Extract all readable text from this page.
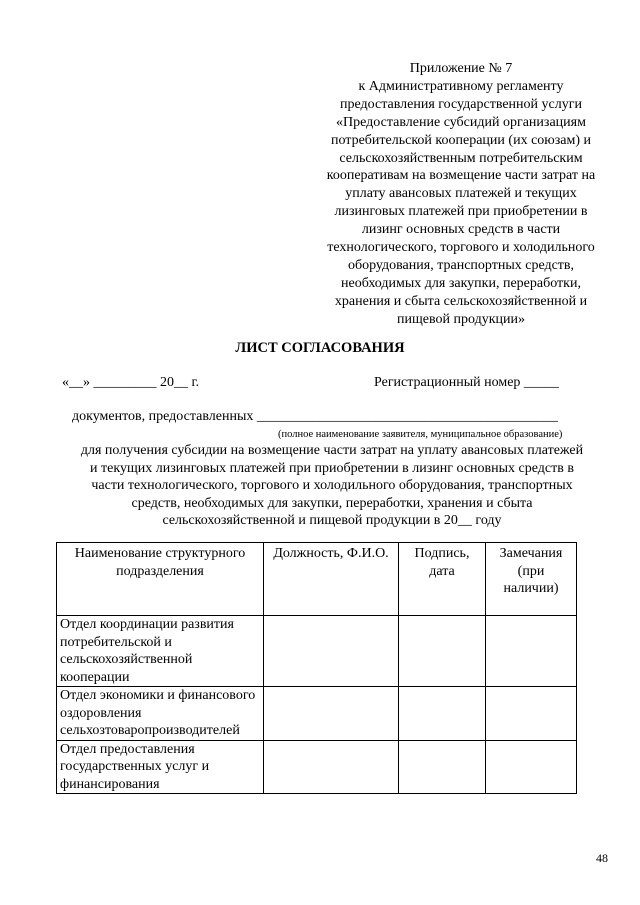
Приложение № 7
к Административному регламенту
предоставления государственной услуги
«Предоставление субсидий организациям
потребительской кооперации (их союзам) и
сельскохозяйственным потребительским
кооперативам на возмещение части затрат на
уплату авансовых платежей и текущих
лизинговых платежей при приобретении в
лизинг основных средств в части
технологического, торгового и холодильного
оборудования, транспортных средств,
необходимых для закупки, переработки,
хранения и сбыта сельскохозяйственной и
пищевой продукции»
ЛИСТ СОГЛАСОВАНИЯ
«__» _________ 20__ г.	Регистрационный номер _____
документов, предоставленных ___________________________________________
(полное наименование заявителя, муниципальное образование)
для получения субсидии на возмещение части затрат на уплату авансовых платежей
и текущих лизинговых платежей при приобретении в лизинг основных средств в
части технологического, торгового и холодильного оборудования, транспортных
средств, необходимых для закупки, переработки, хранения и сбыта
сельскохозяйственной и пищевой продукции в 20__ году
Наименование структурного подразделения	Должность, Ф.И.О.	Подпись, дата	Замечания (при наличии)
Отдел координации развития потребительской и сельскохозяйственной кооперации			
Отдел экономики и финансового оздоровления сельхозтоваропроизводителей			
Отдел предоставления государственных услуг и финансирования			
48
